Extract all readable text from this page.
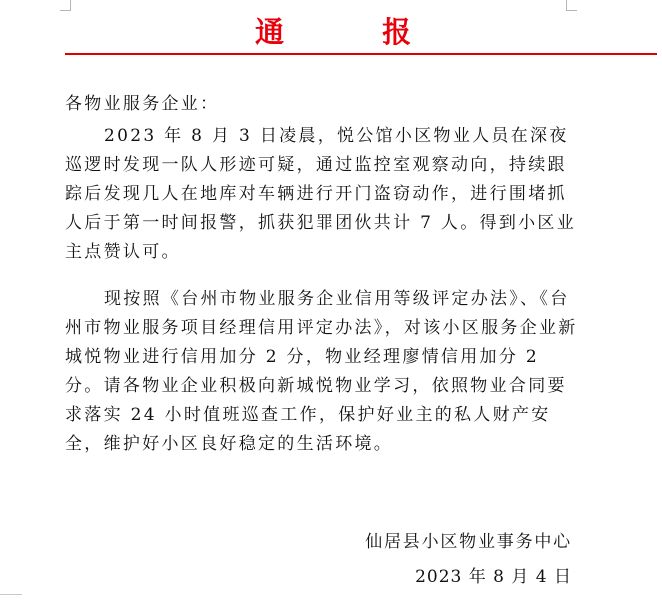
通 报
各物业服务企业：
2023 年 8 月 3 日凌晨，悦公馆小区物业人员在深夜巡逻时发现一队人形迹可疑，通过监控室观察动向，持续跟踪后发现几人在地库对车辆进行开门盗窃动作，进行围堵抓人后于第一时间报警，抓获犯罪团伙共计 7 人。得到小区业主点赞认可。
现按照《台州市物业服务企业信用等级评定办法》、《台州市物业服务项目经理信用评定办法》，对该小区服务企业新城悦物业进行信用加分 2 分，物业经理廖情信用加分 2 分。请各物业企业积极向新城悦物业学习，依照物业合同要求落实 24 小时值班巡查工作，保护好业主的私人财产安全，维护好小区良好稳定的生活环境。
仙居县小区物业事务中心
2023 年 8 月 4 日
